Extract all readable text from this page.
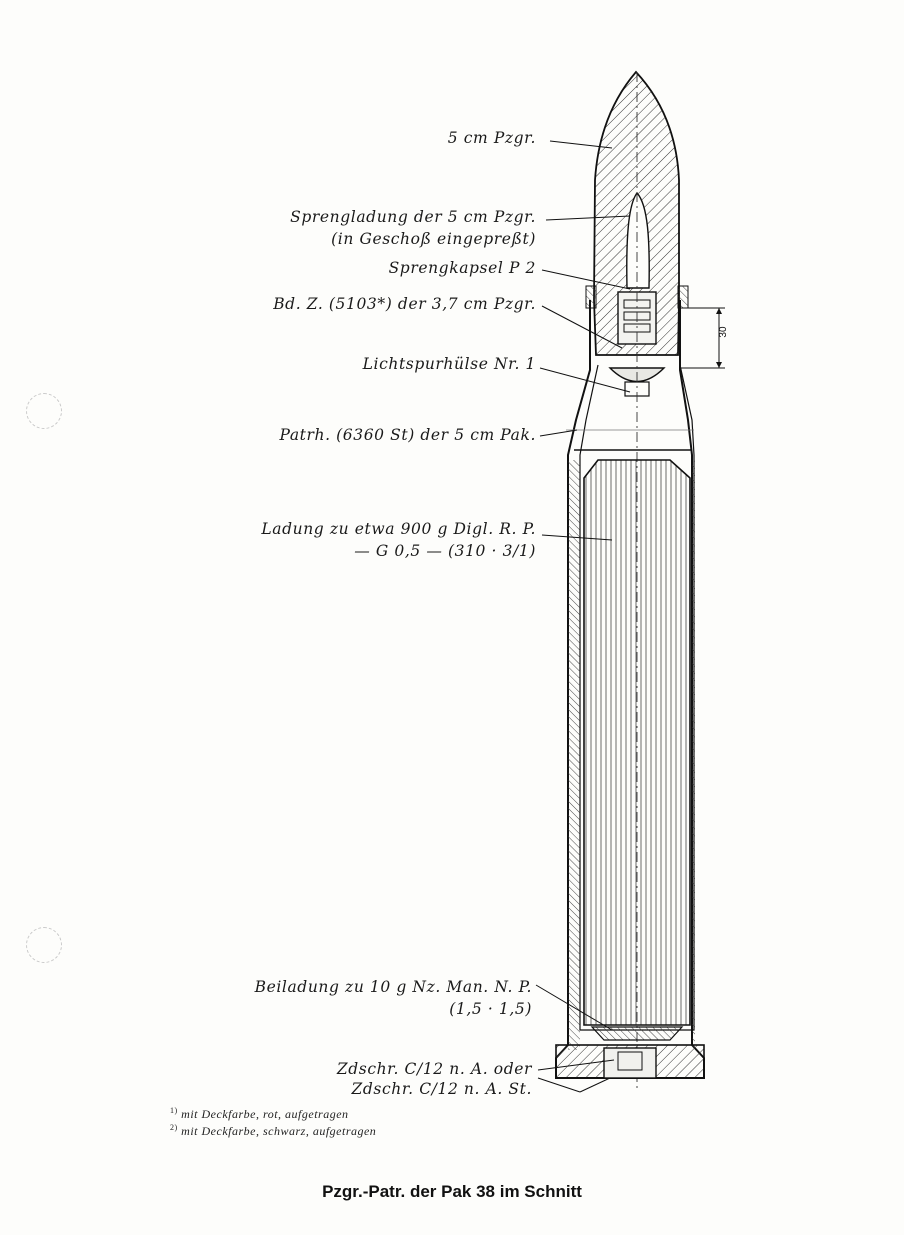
30
5 cm Pzgr.
Sprengladung der 5 cm Pzgr.
(in Geschoß eingepreßt)
Sprengkapsel P 2
Bd. Z. (5103*) der 3,7 cm Pzgr.
Lichtspurhülse Nr. 1
Patrh. (6360 St) der 5 cm Pak.
Ladung zu etwa 900 g Digl. R. P.
— G 0,5 — (310 · 3/1)
Beiladung zu 10 g Nz. Man. N. P.
(1,5 · 1,5)
Zdschr. C/12 n. A. oder
Zdschr. C/12 n. A. St.
$^{1)}$ mit Deckfarbe, rot, aufgetragen
$^{2)}$ mit Deckfarbe, schwarz, aufgetragen
Pzgr.-Patr. der Pak 38 im Schnitt
